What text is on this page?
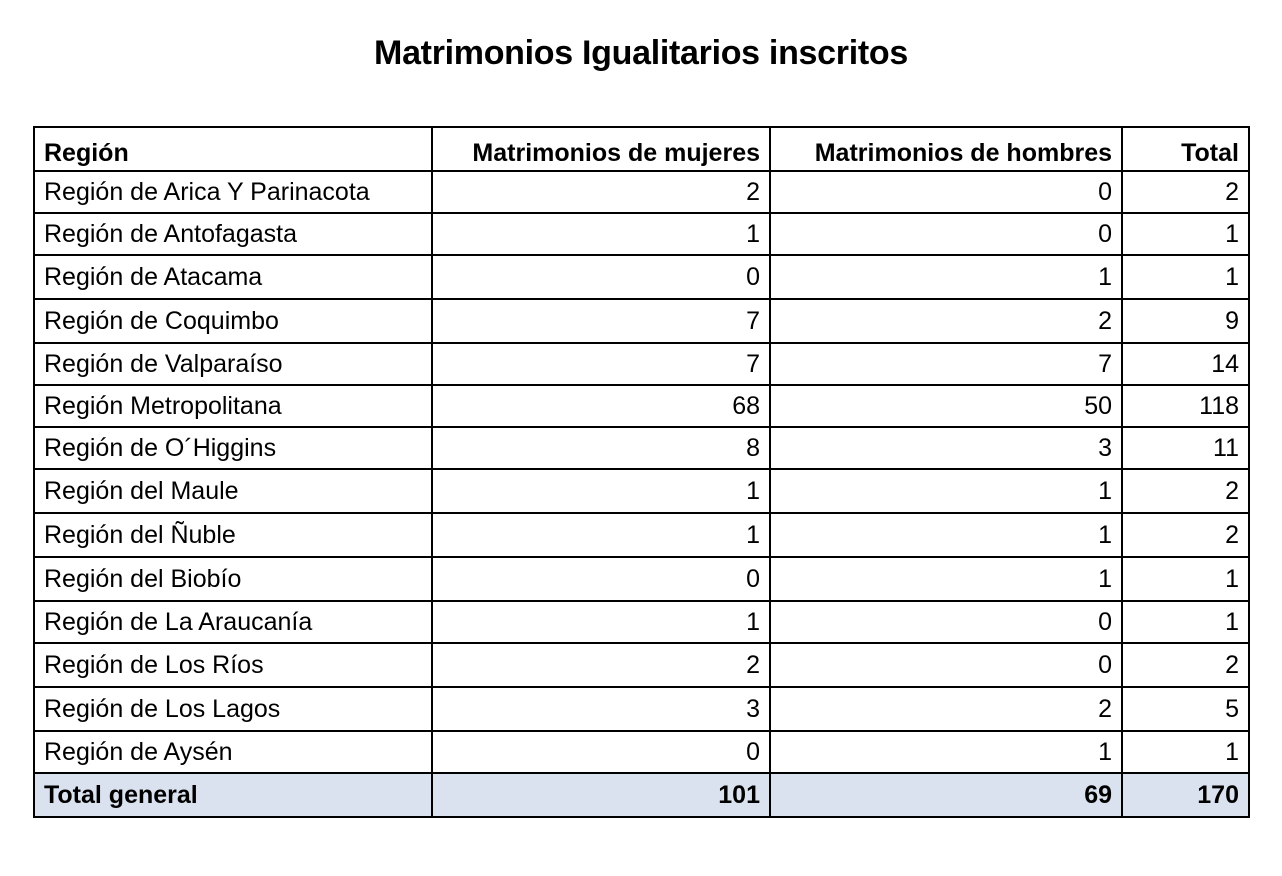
Matrimonios Igualitarios inscritos
Región	Matrimonios de mujeres	Matrimonios de hombres	Total
Región de Arica Y Parinacota	2	0	2
Región de Antofagasta	1	0	1
Región de Atacama	0	1	1
Región de Coquimbo	7	2	9
Región de Valparaíso	7	7	14
Región Metropolitana	68	50	118
Región de O´Higgins	8	3	11
Región del Maule	1	1	2
Región del Ñuble	1	1	2
Región del Biobío	0	1	1
Región de La Araucanía	1	0	1
Región de Los Ríos	2	0	2
Región de Los Lagos	3	2	5
Región de Aysén	0	1	1
Total general	101	69	170
